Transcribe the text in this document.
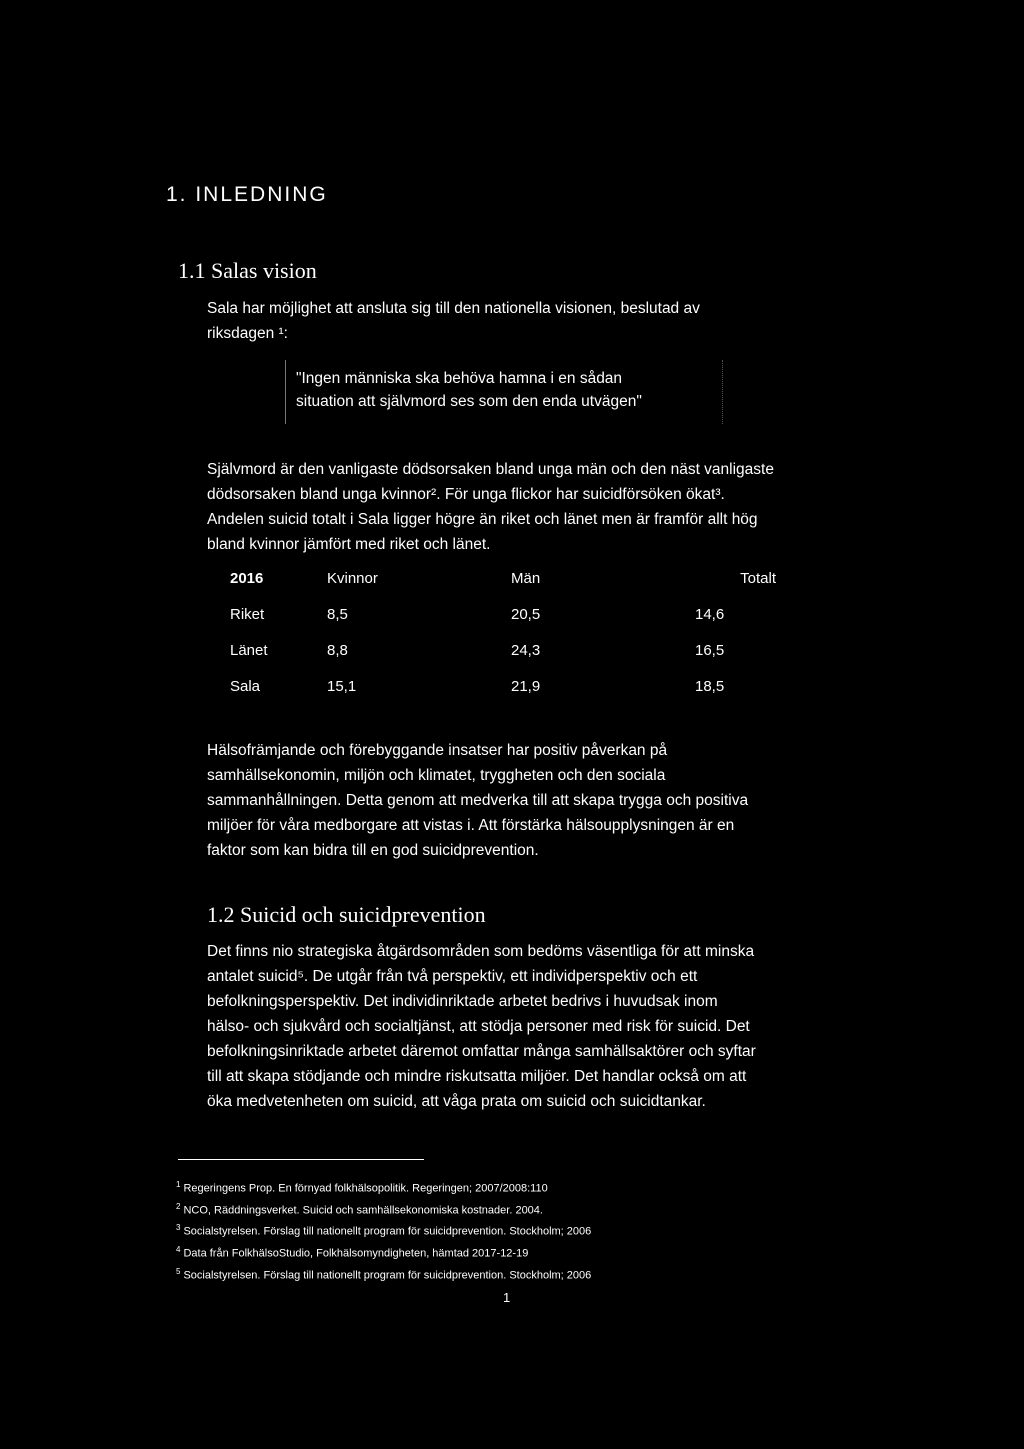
1. INLEDNING
1.1 Salas vision
Sala har möjlighet att ansluta sig till den nationella visionen, beslutad av
riksdagen ¹:
"Ingen människa ska behöva hamna i en sådan
situation att självmord ses som den enda utvägen"
Självmord är den vanligaste dödsorsaken bland unga män och den näst vanligaste
dödsorsaken bland unga kvinnor². För unga flickor har suicidförsöken ökat³.
Andelen suicid totalt i Sala ligger högre än riket och länet men är framför allt hög
bland kvinnor jämfört med riket och länet.
2016	Kvinnor	Män	Totalt
Riket	8,5	20,5	14,6
Länet	8,8	24,3	16,5
Sala	15,1	21,9	18,5
Hälsofrämjande och förebyggande insatser har positiv påverkan på
samhällsekonomin, miljön och klimatet, tryggheten och den sociala
sammanhållningen. Detta genom att medverka till att skapa trygga och positiva
miljöer för våra medborgare att vistas i. Att förstärka hälsoupplysningen är en
faktor som kan bidra till en god suicidprevention.
1.2 Suicid och suicidprevention
Det finns nio strategiska åtgärdsområden som bedöms väsentliga för att minska
antalet suicid⁵. De utgår från två perspektiv, ett individperspektiv och ett
befolkningsperspektiv. Det individinriktade arbetet bedrivs i huvudsak inom
hälso- och sjukvård och socialtjänst, att stödja personer med risk för suicid. Det
befolkningsinriktade arbetet däremot omfattar många samhällsaktörer och syftar
till att skapa stödjande och mindre riskutsatta miljöer. Det handlar också om att
öka medvetenheten om suicid, att våga prata om suicid och suicidtankar.
$^1$ Regeringens Prop. En förnyad folkhälsopolitik. Regeringen; 2007/2008:110
$^2$ NCO, Räddningsverket. Suicid och samhällsekonomiska kostnader. 2004.
$^3$ Socialstyrelsen. Förslag till nationellt program för suicidprevention. Stockholm; 2006
$^4$ Data från FolkhälsoStudio, Folkhälsomyndigheten, hämtad 2017-12-19
$^5$ Socialstyrelsen. Förslag till nationellt program för suicidprevention. Stockholm; 2006
1
